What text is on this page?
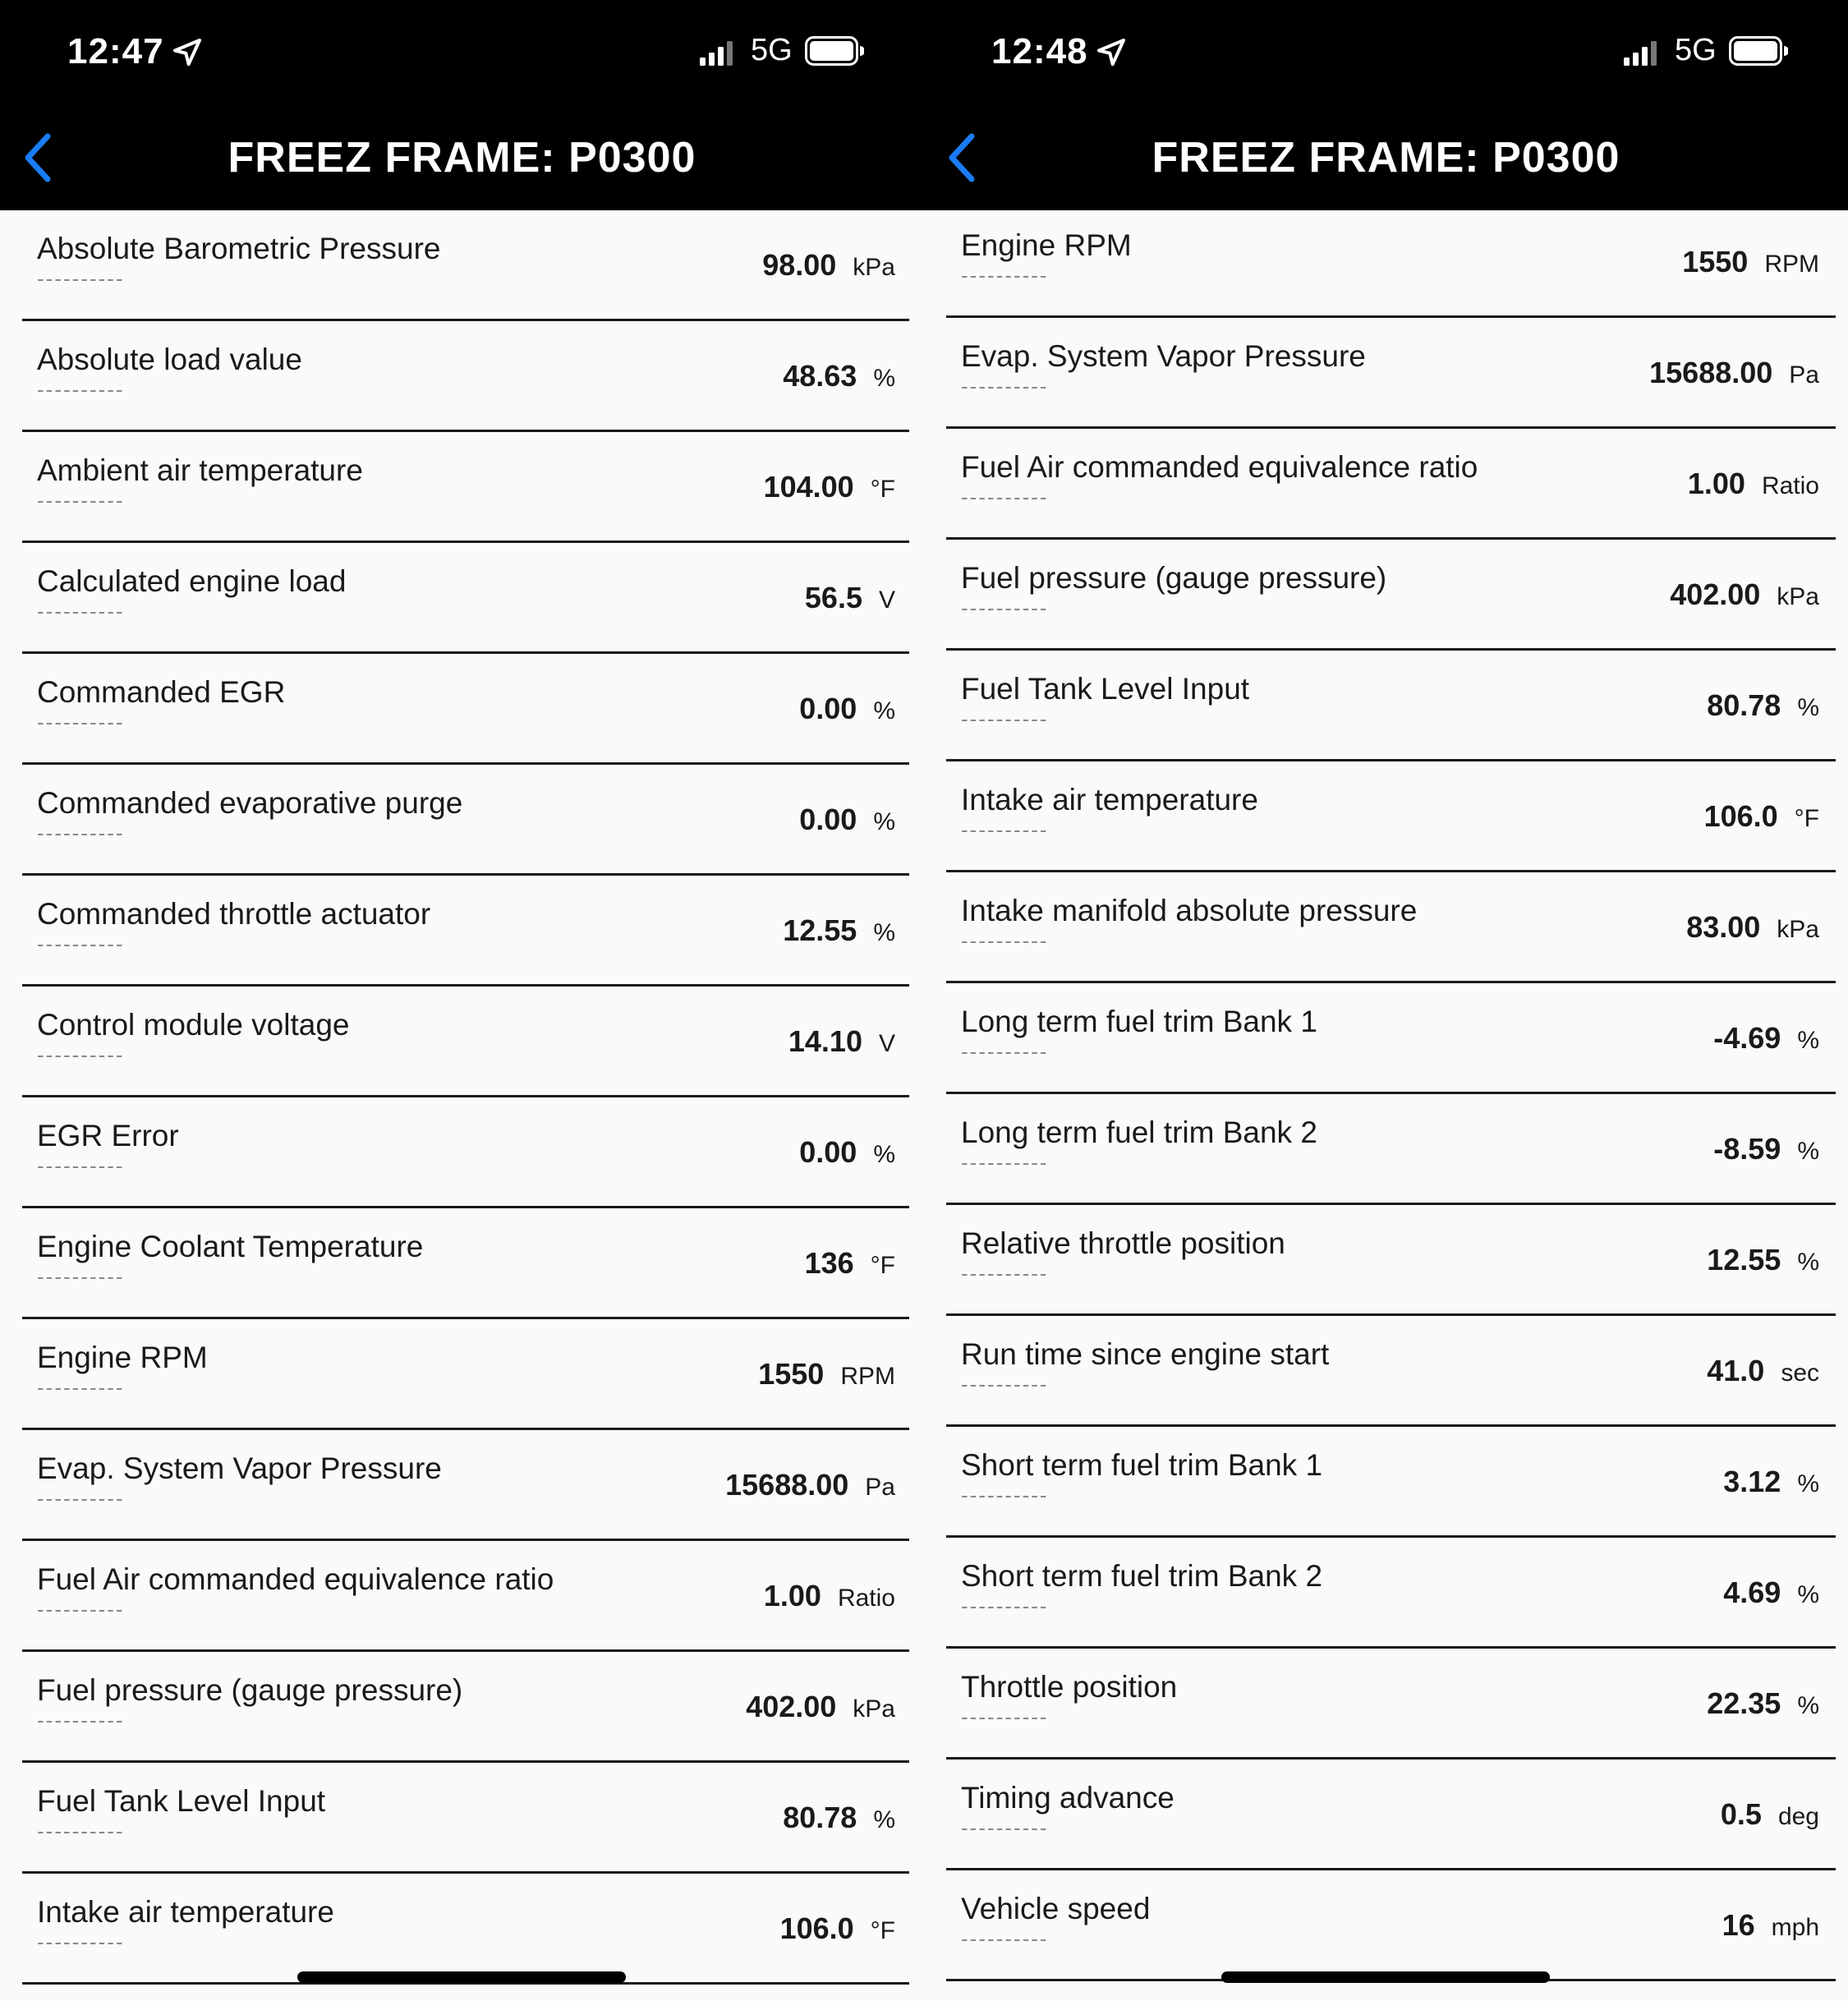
12:47	5G
FREEZ FRAME: P0300
Absolute Barometric Pressure
----------	98.00 kPa
Absolute load value
----------	48.63 %
Ambient air temperature
----------	104.00 °F
Calculated engine load
----------	56.5 V
Commanded EGR
----------	0.00 %
Commanded evaporative purge
----------	0.00 %
Commanded throttle actuator
----------	12.55 %
Control module voltage
----------	14.10 V
EGR Error
----------	0.00 %
Engine Coolant Temperature
----------	136 °F
Engine RPM
----------	1550 RPM
Evap. System Vapor Pressure
----------	15688.00 Pa
Fuel Air commanded equivalence ratio
----------	1.00 Ratio
Fuel pressure (gauge pressure)
----------	402.00 kPa
Fuel Tank Level Input
----------	80.78 %
Intake air temperature
----------	106.0 °F
12:48	5G
FREEZ FRAME: P0300
Engine RPM
----------	1550 RPM
Evap. System Vapor Pressure
----------	15688.00 Pa
Fuel Air commanded equivalence ratio
----------	1.00 Ratio
Fuel pressure (gauge pressure)
----------	402.00 kPa
Fuel Tank Level Input
----------	80.78 %
Intake air temperature
----------	106.0 °F
Intake manifold absolute pressure
----------	83.00 kPa
Long term fuel trim Bank 1
----------	-4.69 %
Long term fuel trim Bank 2
----------	-8.59 %
Relative throttle position
----------	12.55 %
Run time since engine start
----------	41.0 sec
Short term fuel trim Bank 1
----------	3.12 %
Short term fuel trim Bank 2
----------	4.69 %
Throttle position
----------	22.35 %
Timing advance
----------	0.5 deg
Vehicle speed
----------	16 mph
